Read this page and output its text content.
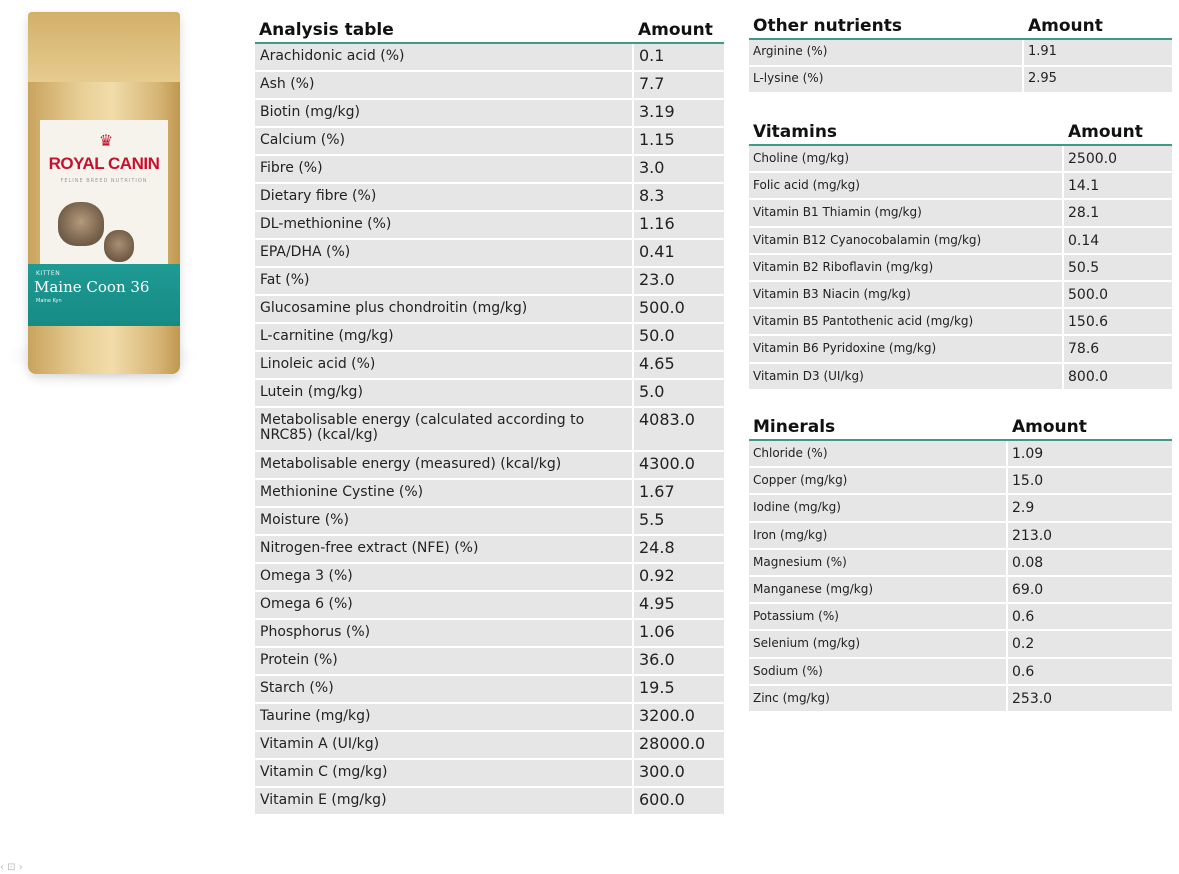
♛
ROYAL CANIN
FELINE BREED NUTRITION
KITTEN
Maine Coon 36
Maine Kyn
Analysis table	Amount
Arachidonic acid (%)	0.1
Ash (%)	7.7
Biotin (mg/kg)	3.19
Calcium (%)	1.15
Fibre (%)	3.0
Dietary fibre (%)	8.3
DL-methionine (%)	1.16
EPA/DHA (%)	0.41
Fat (%)	23.0
Glucosamine plus chondroitin (mg/kg)	500.0
L-carnitine (mg/kg)	50.0
Linoleic acid (%)	4.65
Lutein (mg/kg)	5.0
Metabolisable energy (calculated according to NRC85) (kcal/kg)	4083.0
Metabolisable energy (measured) (kcal/kg)	4300.0
Methionine Cystine (%)	1.67
Moisture (%)	5.5
Nitrogen-free extract (NFE) (%)	24.8
Omega 3 (%)	0.92
Omega 6 (%)	4.95
Phosphorus (%)	1.06
Protein (%)	36.0
Starch (%)	19.5
Taurine (mg/kg)	3200.0
Vitamin A (UI/kg)	28000.0
Vitamin C (mg/kg)	300.0
Vitamin E (mg/kg)	600.0
Other nutrients	Amount
Arginine (%)	1.91
L-lysine (%)	2.95
Vitamins	Amount
Choline (mg/kg)	2500.0
Folic acid (mg/kg)	14.1
Vitamin B1 Thiamin (mg/kg)	28.1
Vitamin B12 Cyanocobalamin (mg/kg)	0.14
Vitamin B2 Riboflavin (mg/kg)	50.5
Vitamin B3 Niacin (mg/kg)	500.0
Vitamin B5 Pantothenic acid (mg/kg)	150.6
Vitamin B6 Pyridoxine (mg/kg)	78.6
Vitamin D3 (UI/kg)	800.0
Minerals	Amount
Chloride (%)	1.09
Copper (mg/kg)	15.0
Iodine (mg/kg)	2.9
Iron (mg/kg)	213.0
Magnesium (%)	0.08
Manganese (mg/kg)	69.0
Potassium (%)	0.6
Selenium (mg/kg)	0.2
Sodium (%)	0.6
Zinc (mg/kg)	253.0
‹ ⊡ ›
